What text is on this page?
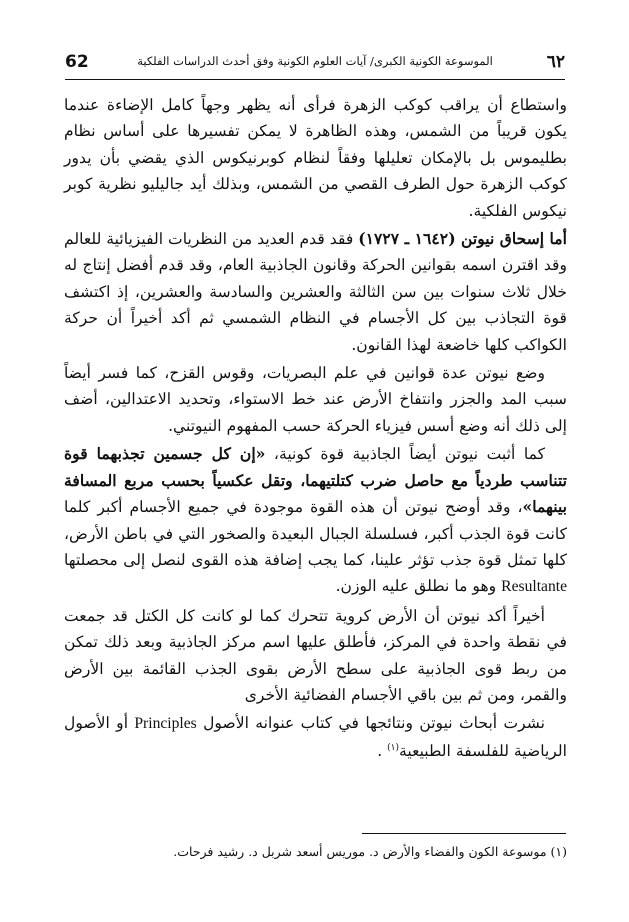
62	الموسوعة الكونية الكبرى/ آيات العلوم الكونية وفق أحدث الدراسات الفلكية	٦٢

واستطاع أن يراقب كوكب الزهرة فرأى أنه يظهر وجهاً كامل الإضاءة عندما يكون قريباً من الشمس، وهذه الظاهرة لا يمكن تفسيرها على أساس نظام بطليموس بل بالإمكان تعليلها وفقاً لنظام كوبرنيكوس الذي يقضي بأن يدور كوكب الزهرة حول الطرف القصي من الشمس، وبذلك أيد جاليليو نظرية كوبر نيكوس الفلكية.

أما إسحاق نيوتن (١٦٤٢ ـ ١٧٢٧) فقد قدم العديد من النظريات الفيزيائية للعالم وقد اقترن اسمه بقوانين الحركة وقانون الجاذبية العام، وقد قدم أفضل إنتاج له خلال ثلاث سنوات بين سن الثالثة والعشرين والسادسة والعشرين، إذ اكتشف قوة التجاذب بين كل الأجسام في النظام الشمسي ثم أكد أخيراً أن حركة الكواكب كلها خاضعة لهذا القانون.

وضع نيوتن عدة قوانين في علم البصريات، وقوس القزح، كما فسر أيضاً سبب المد والجزر وانتفاخ الأرض عند خط الاستواء، وتحديد الاعتدالين، أضف إلى ذلك أنه وضع أسس فيزياء الحركة حسب المفهوم النيوتني.

كما أثبت نيوتن أيضاً الجاذبية قوة كونية، «إن كل جسمين تجذبهما قوة تتناسب طردياً مع حاصل ضرب كتلتيهما، وتقل عكسياً بحسب مربع المسافة بينهما»، وقد أوضح نيوتن أن هذه القوة موجودة في جميع الأجسام أكبر كلما كانت قوة الجذب أكبر، فسلسلة الجبال البعيدة والصخور التي في باطن الأرض، كلها تمثل قوة جذب تؤثر علينا، كما يجب إضافة هذه القوى لنصل إلى محصلتها Resultante وهو ما نطلق عليه الوزن.

أخيراً أكد نيوتن أن الأرض كروية تتحرك كما لو كانت كل الكتل قد جمعت في نقطة واحدة في المركز، فأطلق عليها اسم مركز الجاذبية وبعد ذلك تمكن من ربط قوى الجاذبية على سطح الأرض بقوى الجذب القائمة بين الأرض والقمر، ومن ثم بين باقي الأجسام الفضائية الأخرى

نشرت أبحاث نيوتن ونتائجها في كتاب عنوانه الأصول Principles أو الأصول الرياضية للفلسفة الطبيعية$^{(١)}$ .

(١) موسوعة الكون والفضاء والأرض د. موريس أسعد شربل د. رشيد فرحات.
